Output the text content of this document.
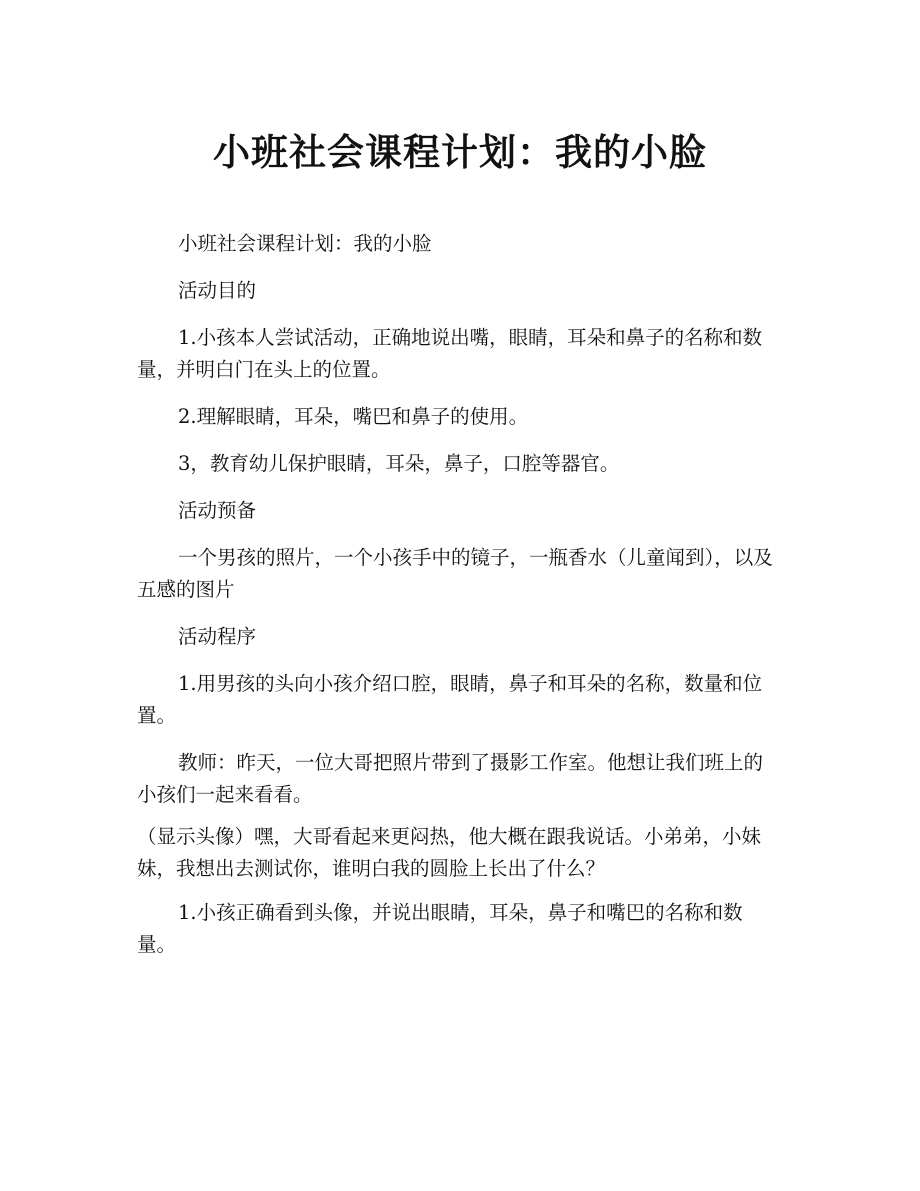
小班社会课程计划：我的小脸

小班社会课程计划：我的小脸

活动目的

1.小孩本人尝试活动，正确地说出嘴，眼睛，耳朵和鼻子的名称和数量，并明白门在头上的位置。

2.理解眼睛，耳朵，嘴巴和鼻子的使用。

3，教育幼儿保护眼睛，耳朵，鼻子，口腔等器官。

活动预备

一个男孩的照片，一个小孩手中的镜子，一瓶香水（儿童闻到），以及五感的图片

活动程序

1.用男孩的头向小孩介绍口腔，眼睛，鼻子和耳朵的名称，数量和位置。

教师：昨天，一位大哥把照片带到了摄影工作室。他想让我们班上的小孩们一起来看看。

（显示头像）嘿，大哥看起来更闷热，他大概在跟我说话。小弟弟，小妹妹，我想出去测试你，谁明白我的圆脸上长出了什么？

1.小孩正确看到头像，并说出眼睛，耳朵，鼻子和嘴巴的名称和数量。
